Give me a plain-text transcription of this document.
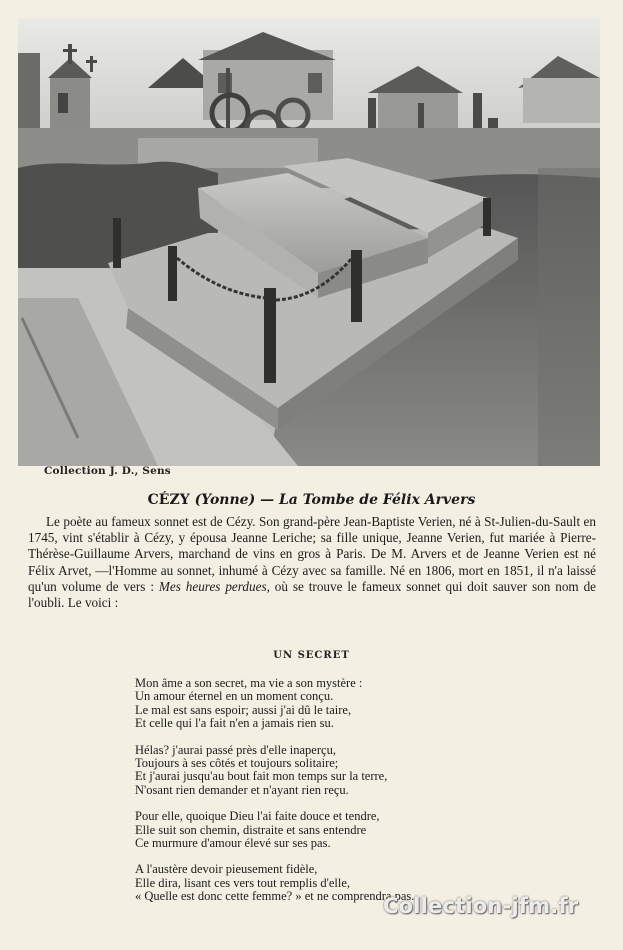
Collection J. D., Sens
CÉZY (Yonne) — La Tombe de Félix Arvers
Le poète au fameux sonnet est de Cézy. Son grand-père Jean-Baptiste Verien, né à St-Julien-du-Sault en 1745, vint s'établir à Cézy, y épousa Jeanne Leriche; sa fille unique, Jeanne Verien, fut mariée à Pierre-Thérèse-Guillaume Arvers, marchand de vins en gros à Paris. De M. Arvers et de Jeanne Verien est né Félix Arvet, —l'Homme au sonnet, inhumé à Cézy avec sa famille. Né en 1806, mort en 1851, il n'a laissé qu'un volume de vers : Mes heures perdues, où se trouve le fameux sonnet qui doit sauver son nom de l'oubli. Le voici :
UN SECRET
Mon âme a son secret, ma vie a son mystère :
Un amour éternel en un moment conçu.
Le mal est sans espoir; aussi j'ai dû le taire,
Et celle qui l'a fait n'en a jamais rien su.
Hélas? j'aurai passé près d'elle inaperçu,
Toujours à ses côtés et toujours solitaire;
Et j'aurai jusqu'au bout fait mon temps sur la terre,
N'osant rien demander et n'ayant rien reçu.
Pour elle, quoique Dieu l'ai faite douce et tendre,
Elle suit son chemin, distraite et sans entendre
Ce murmure d'amour élevé sur ses pas.
A l'austère devoir pieusement fidèle,
Elle dira, lisant ces vers tout remplis d'elle,
« Quelle est donc cette femme? » et ne comprendra pas.
Collection-jfm.fr
